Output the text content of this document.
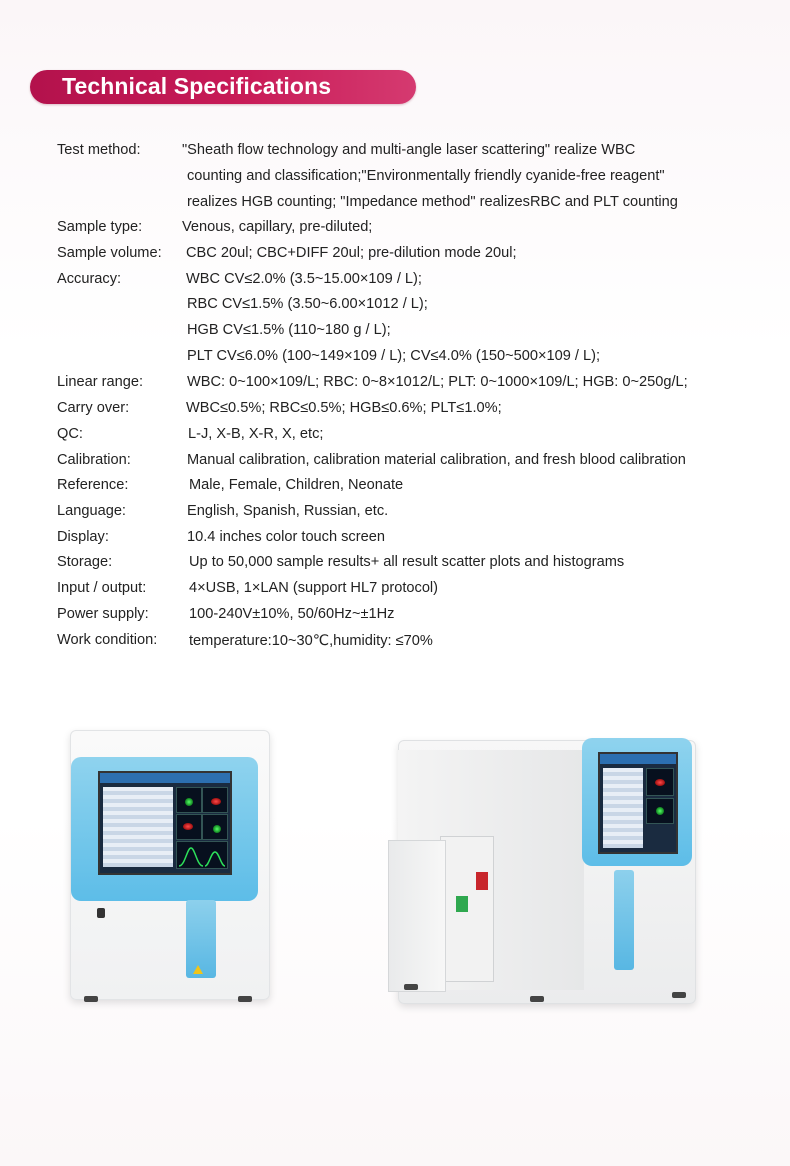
Technical Specifications
Test method:	"Sheath flow technology and multi-angle laser scattering" realize WBC
counting and classification;"Environmentally friendly cyanide-free reagent"
realizes HGB counting; "Impedance method" realizesRBC and PLT counting
Sample type:	Venous, capillary, pre-diluted;
Sample volume: CBC 20ul; CBC+DIFF 20ul; pre-dilution mode 20ul;
Accuracy:	WBC CV≤2.0% (3.5~15.00×109 / L);
RBC CV≤1.5% (3.50~6.00×1012 / L);
HGB CV≤1.5% (110~180 g / L);
PLT CV≤6.0% (100~149×109 / L); CV≤4.0% (150~500×109 / L);
Linear range:	WBC: 0~100×109/L; RBC: 0~8×1012/L; PLT: 0~1000×109/L; HGB: 0~250g/L;
Carry over:	WBC≤0.5%; RBC≤0.5%; HGB≤0.6%; PLT≤1.0%;
QC:	L-J, X-B, X-R, X, etc;
Calibration:	Manual calibration, calibration material calibration, and fresh blood calibration
Reference:	Male, Female, Children, Neonate
Language:	English, Spanish, Russian, etc.
Display:	10.4 inches color touch screen
Storage:	Up to 50,000 sample results+ all result scatter plots and histograms
Input / output:	4×USB, 1×LAN (support HL7 protocol)
Power supply:	100-240V±10%, 50/60Hz~±1Hz
Work condition: temperature:10~30℃,humidity: ≤70%
